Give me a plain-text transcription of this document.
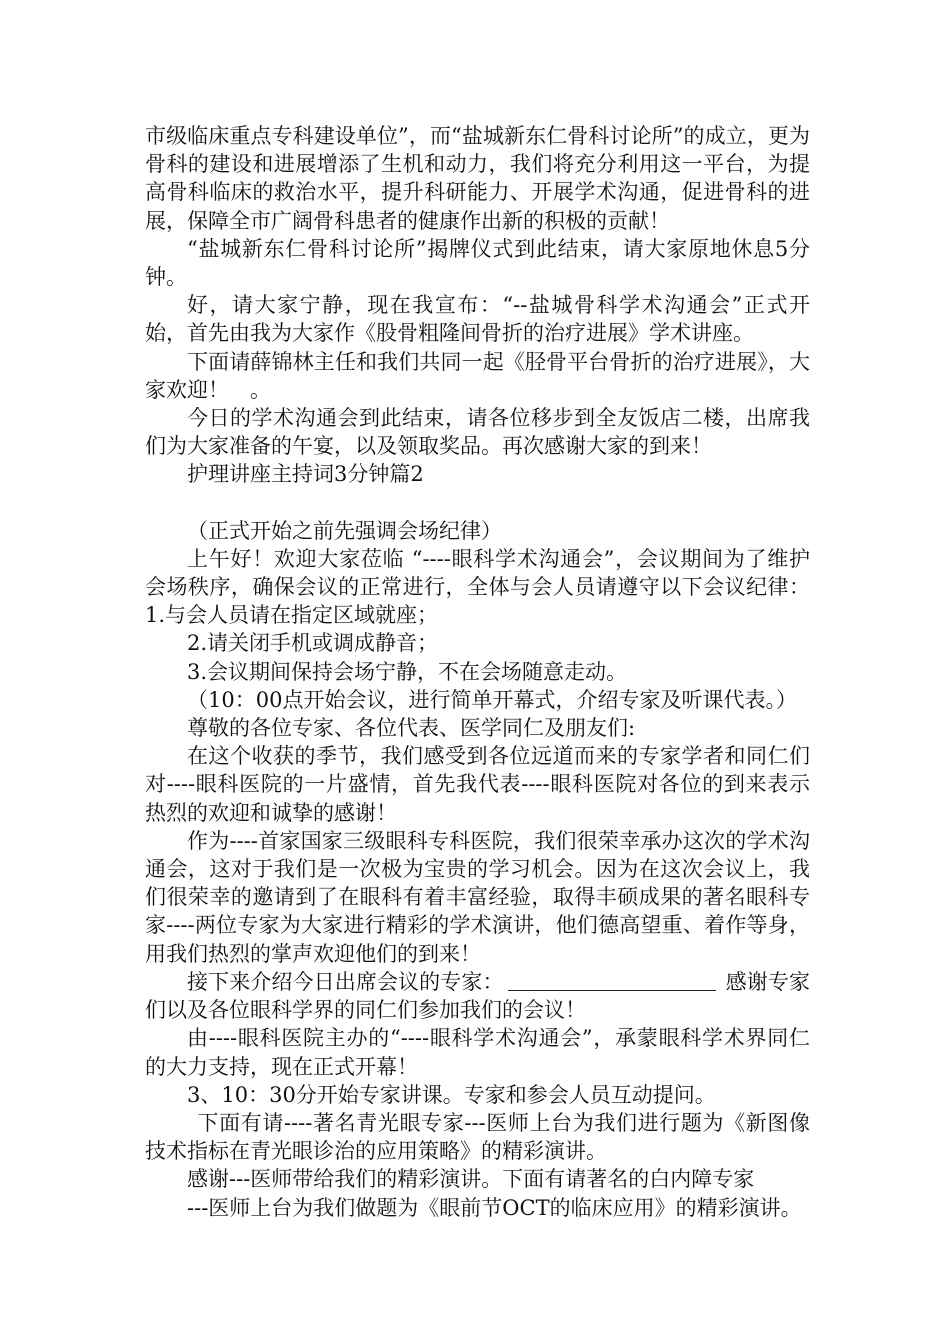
市级临床重点专科建设单位”，而“盐城新东仁骨科讨论所”的成立，更为骨科的建设和进展增添了生机和动力，我们将充分利用这一平台，为提高骨科临床的救治水平，提升科研能力、开展学术沟通，促进骨科的进展，保障全市广阔骨科患者的健康作出新的积极的贡献！

“盐城新东仁骨科讨论所”揭牌仪式到此结束，请大家原地休息5分钟。

好，请大家宁静，现在我宣布：“--盐城骨科学术沟通会”正式开始，首先由我为大家作《股骨粗隆间骨折的治疗进展》学术讲座。

下面请薛锦林主任和我们共同一起《胫骨平台骨折的治疗进展》，大家欢迎！　。

今日的学术沟通会到此结束，请各位移步到全友饭店二楼，出席我们为大家准备的午宴，以及领取奖品。再次感谢大家的到来！

护理讲座主持词3分钟篇2

（正式开始之前先强调会场纪律）

上午好！欢迎大家莅临 “----眼科学术沟通会”，会议期间为了维护会场秩序，确保会议的正常进行，全体与会人员请遵守以下会议纪律：1.与会人员请在指定区域就座；

2.请关闭手机或调成静音；

3.会议期间保持会场宁静，不在会场随意走动。

（10：00点开始会议，进行简单开幕式，介绍专家及听课代表。）

尊敬的各位专家、各位代表、医学同仁及朋友们:

在这个收获的季节，我们感受到各位远道而来的专家学者和同仁们对----眼科医院的一片盛情，首先我代表----眼科医院对各位的到来表示热烈的欢迎和诚挚的感谢！

作为----首家国家三级眼科专科医院，我们很荣幸承办这次的学术沟通会，这对于我们是一次极为宝贵的学习机会。因为在这次会议上，我们很荣幸的邀请到了在眼科有着丰富经验，取得丰硕成果的著名眼科专家----两位专家为大家进行精彩的学术演讲，他们德高望重、着作等身，用我们热烈的掌声欢迎他们的到来！

接下来介绍今日出席会议的专家：	感谢专家们以及各位眼科学界的同仁们参加我们的会议！

由----眼科医院主办的“----眼科学术沟通会”，承蒙眼科学术界同仁的大力支持，现在正式开幕！

3、10：30分开始专家讲课。专家和参会人员互动提问。

下面有请----著名青光眼专家---医师上台为我们进行题为《新图像技术指标在青光眼诊治的应用策略》的精彩演讲。

感谢---医师带给我们的精彩演讲。下面有请著名的白内障专家

---医师上台为我们做题为《眼前节OCT的临床应用》的精彩演讲。
